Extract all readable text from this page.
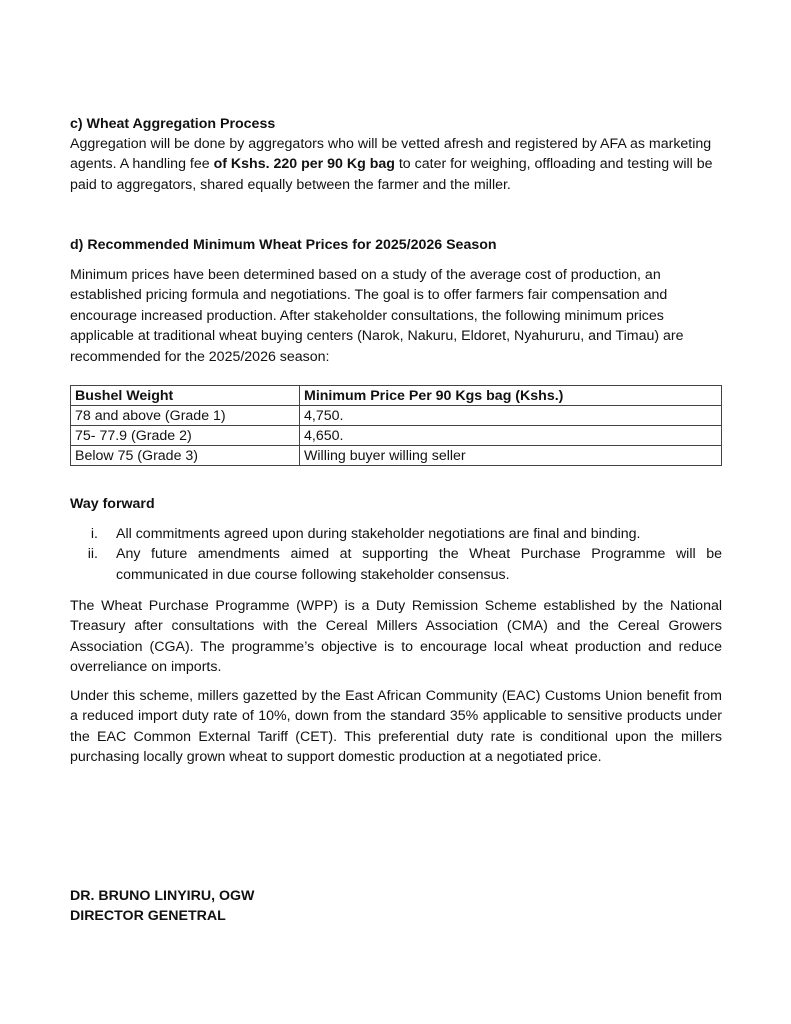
c) Wheat Aggregation Process
Aggregation will be done by aggregators who will be vetted afresh and registered by AFA as marketing agents. A handling fee of Kshs. 220 per 90 Kg bag to cater for weighing, offloading and testing will be paid to aggregators, shared equally between the farmer and the miller.
d) Recommended Minimum Wheat Prices for 2025/2026 Season
Minimum prices have been determined based on a study of the average cost of production, an established pricing formula and negotiations. The goal is to offer farmers fair compensation and encourage increased production. After stakeholder consultations, the following minimum prices applicable at traditional wheat buying centers (Narok, Nakuru, Eldoret, Nyahururu, and Timau) are recommended for the 2025/2026 season:
Bushel Weight	Minimum Price Per 90 Kgs bag (Kshs.)
78 and above (Grade 1)	4,750.
75- 77.9 (Grade 2)	4,650.
Below 75 (Grade 3)	Willing buyer willing seller
Way forward
i. All commitments agreed upon during stakeholder negotiations are final and binding.
ii. Any future amendments aimed at supporting the Wheat Purchase Programme will be communicated in due course following stakeholder consensus.
The Wheat Purchase Programme (WPP) is a Duty Remission Scheme established by the National Treasury after consultations with the Cereal Millers Association (CMA) and the Cereal Growers Association (CGA). The programme’s objective is to encourage local wheat production and reduce overreliance on imports.
Under this scheme, millers gazetted by the East African Community (EAC) Customs Union benefit from a reduced import duty rate of 10%, down from the standard 35% applicable to sensitive products under the EAC Common External Tariff (CET). This preferential duty rate is conditional upon the millers purchasing locally grown wheat to support domestic production at a negotiated price.
DR. BRUNO LINYIRU, OGW
DIRECTOR GENETRAL
